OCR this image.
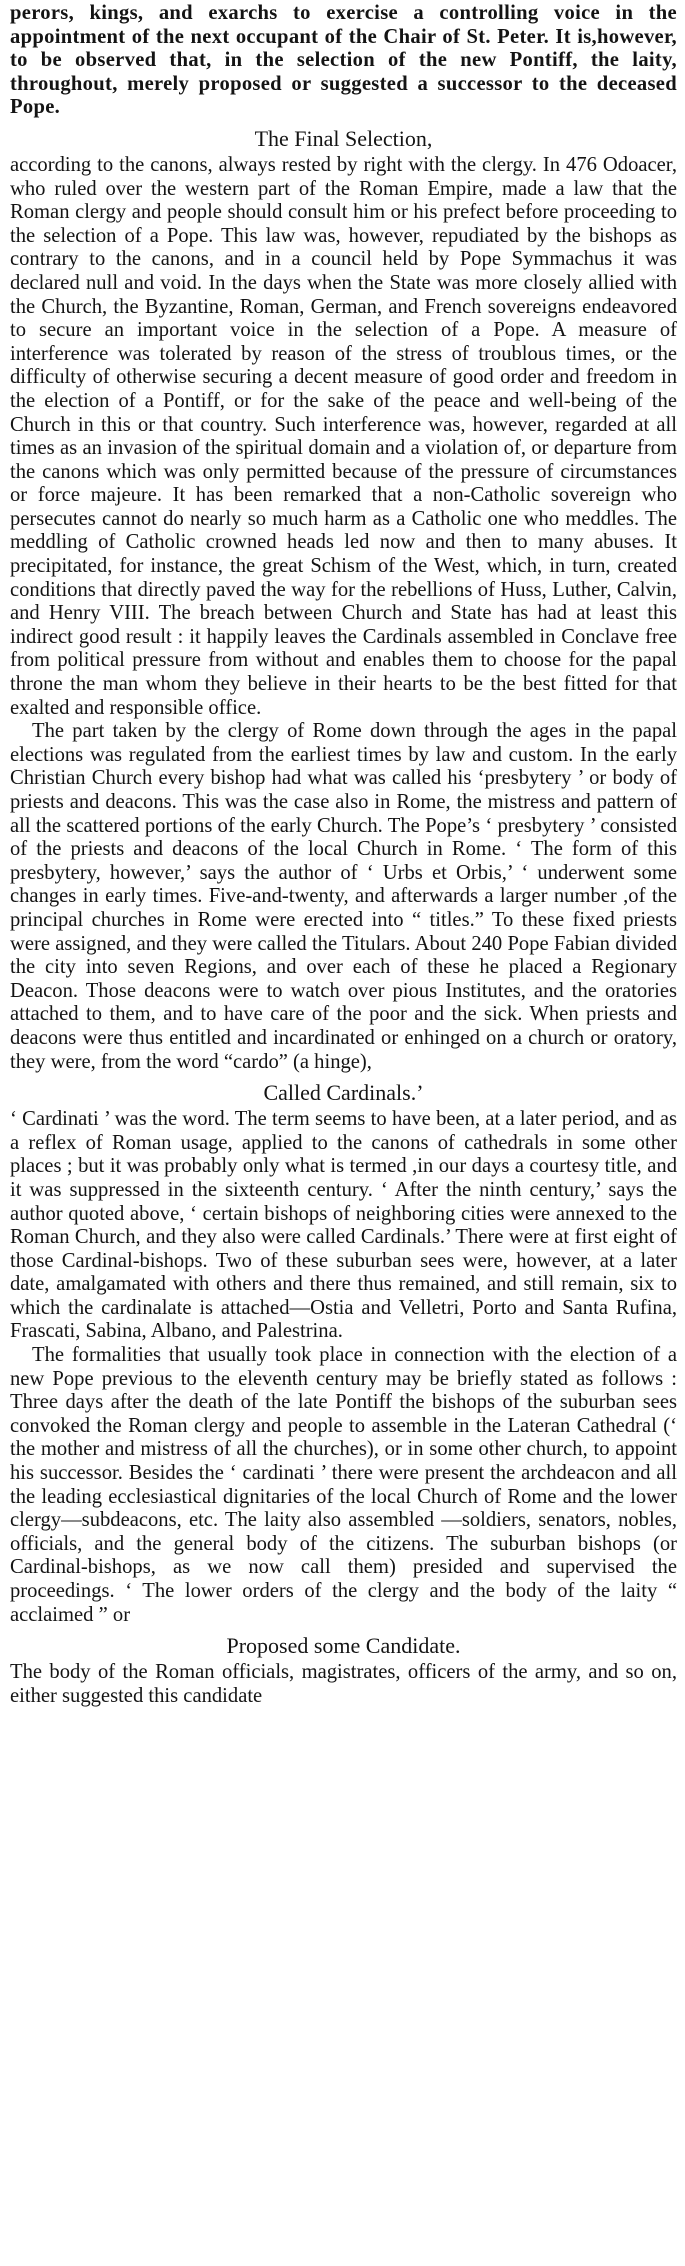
perors, kings, and exarchs to exercise a controlling voice in the appointment of the next occupant of the Chair of St. Peter. It is,however, to be observed that, in the selection of the new Pontiff, the laity, throughout, merely proposed or suggested a successor to the deceased Pope.

The Final Selection,

according to the canons, always rested by right with the clergy. In 476 Odoacer, who ruled over the western part of the Roman Empire, made a law that the Roman clergy and people should consult him or his prefect before proceeding to the selection of a Pope. This law was, however, repudiated by the bishops as contrary to the canons, and in a council held by Pope Symmachus it was declared null and void. In the days when the State was more closely allied with the Church, the Byzantine, Roman, German, and French sovereigns endeavored to secure an important voice in the selection of a Pope. A measure of interference was tolerated by reason of the stress of troublous times, or the difficulty of otherwise securing a decent measure of good order and freedom in the election of a Pontiff, or for the sake of the peace and well-being of the Church in this or that country. Such interference was, however, regarded at all times as an invasion of the spiritual domain and a violation of, or departure from the canons which was only permitted because of the pressure of circumstances or force majeure. It has been remarked that a non-Catholic sovereign who persecutes cannot do nearly so much harm as a Catholic one who meddles. The meddling of Catholic crowned heads led now and then to many abuses. It precipitated, for instance, the great Schism of the West, which, in turn, created conditions that directly paved the way for the rebellions of Huss, Luther, Calvin, and Henry VIII. The breach between Church and State has had at least this indirect good result : it happily leaves the Cardinals assembled in Conclave free from political pressure from without and enables them to choose for the papal throne the man whom they believe in their hearts to be the best fitted for that exalted and responsible office.

The part taken by the clergy of Rome down through the ages in the papal elections was regulated from the earliest times by law and custom. In the early Christian Church every bishop had what was called his ‘presbytery ’ or body of priests and deacons. This was the case also in Rome, the mistress and pattern of all the scattered portions of the early Church. The Pope’s ‘ presbytery ’ consisted of the priests and deacons of the local Church in Rome. ‘ The form of this presbytery, however,’ says the author of ‘ Urbs et Orbis,’ ‘ underwent some changes in early times. Five-and-twenty, and afterwards a larger number ,of the principal churches in Rome were erected into “ titles.” To these fixed priests were assigned, and they were called the Titulars. About 240 Pope Fabian divided the city into seven Regions, and over each of these he placed a Regionary Deacon. Those deacons were to watch over pious Institutes, and the oratories attached to them, and to have care of the poor and the sick. When priests and deacons were thus entitled and incardinated or enhinged on a church or oratory, they were, from the word “cardo” (a hinge),

Called Cardinals.’

‘ Cardinati ’ was the word. The term seems to have been, at a later period, and as a reflex of Roman usage, applied to the canons of cathedrals in some other places ; but it was probably only what is termed ,in our days a courtesy title, and it was suppressed in the sixteenth century. ‘ After the ninth century,’ says the author quoted above, ‘ certain bishops of neighboring cities were annexed to the Roman Church, and they also were called Cardinals.’ There were at first eight of those Cardinal-bishops. Two of these suburban sees were, however, at a later date, amalgamated with others and there thus remained, and still remain, six to which the cardinalate is attached—Ostia and Velletri, Porto and Santa Rufina, Frascati, Sabina, Albano, and Palestrina.

The formalities that usually took place in connection with the election of a new Pope previous to the eleventh century may be briefly stated as follows : Three days after the death of the late Pontiff the bishops of the suburban sees convoked the Roman clergy and people to assemble in the Lateran Cathedral (‘ the mother and mistress of all the churches), or in some other church, to appoint his successor. Besides the ‘ cardinati ’ there were present the archdeacon and all the leading ecclesiastical dignitaries of the local Church of Rome and the lower clergy—subdeacons, etc. The laity also assembled —soldiers, senators, nobles, officials, and the general body of the citizens. The suburban bishops (or Cardinal-bishops, as we now call them) presided and supervised the proceedings. ‘ The lower orders of the clergy and the body of the laity “ acclaimed ” or

Proposed some Candidate.

The body of the Roman officials, magistrates, officers of the army, and so on, either suggested this candidate
